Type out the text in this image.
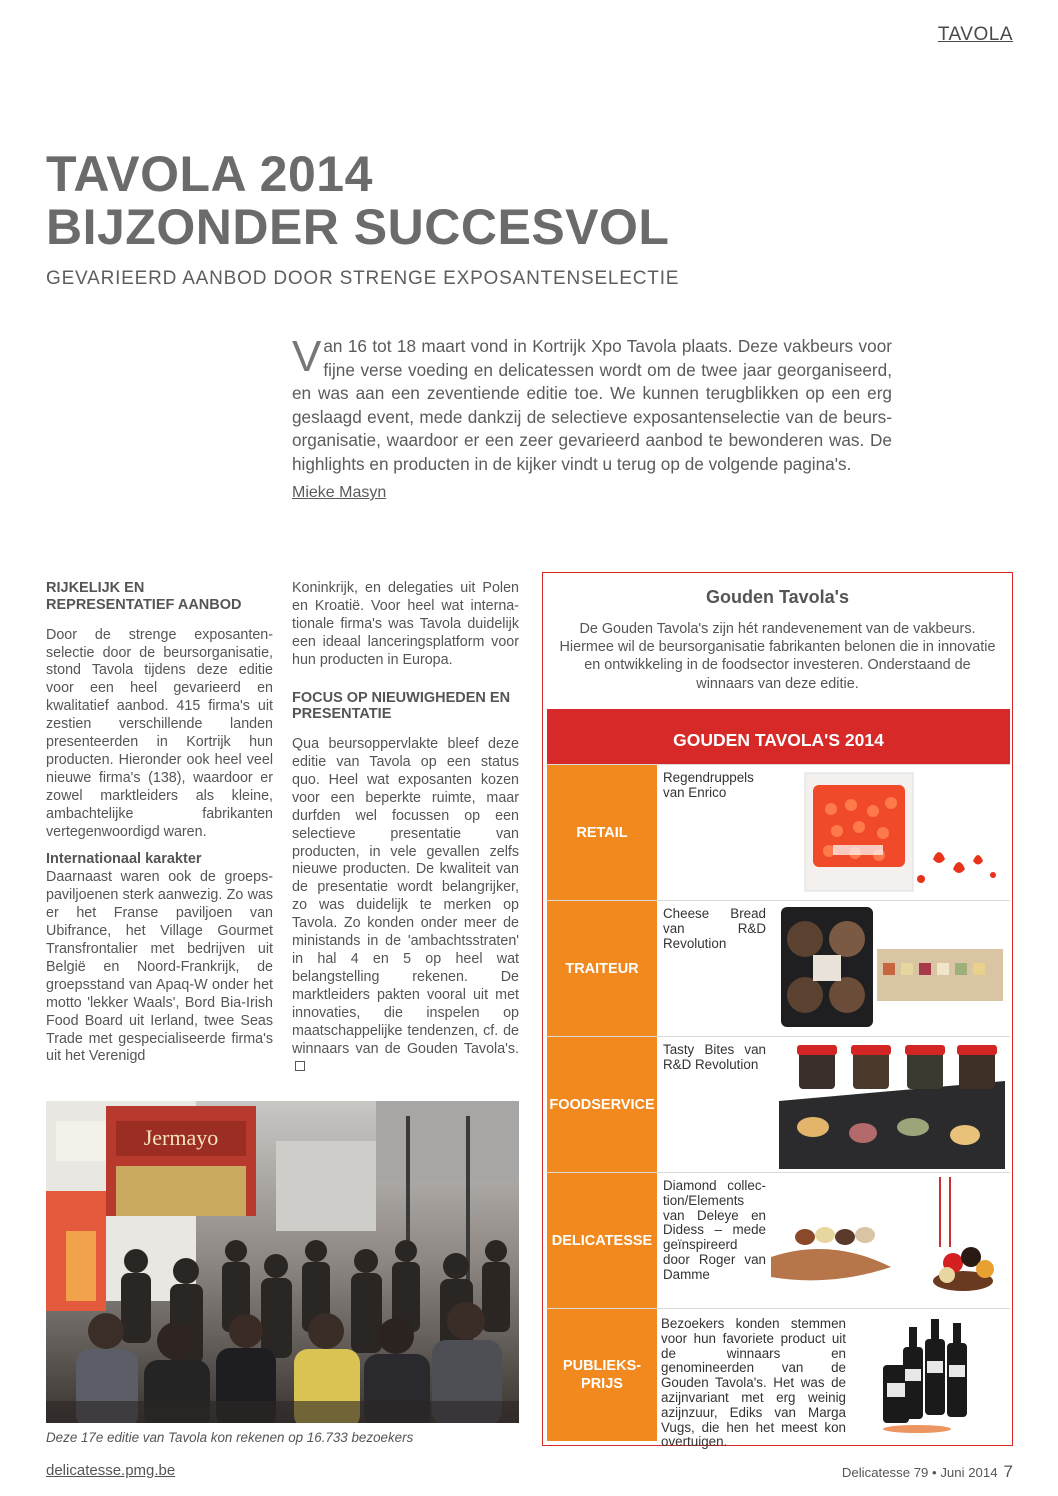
TAVOLA
TAVOLA 2014
BIJZONDER SUCCESVOL
GEVARIEERD AANBOD DOOR STRENGE EXPOSANTENSELECTIE
Van 16 tot 18 maart vond in Kortrijk Xpo Tavola plaats. Deze vakbeurs voor fijne verse voeding en delicatessen wordt om de twee jaar georganiseerd, en was aan een zeventiende editie toe. We kunnen terugblikken op een erg geslaagd event, mede dankzij de selectieve exposantenselectie van de beursorganisatie, waardoor er een zeer gevarieerd aanbod te bewonderen was. De highlights en producten in de kijker vindt u terug op de volgende pagina's.
Mieke Masyn
RIJKELIJK EN REPRESENTATIEF AANBOD

Door de strenge exposantenselectie door de beursorganisatie, stond Tavola tijdens deze editie voor een heel gevarieerd en kwalitatief aanbod. 415 firma's uit zestien verschillende landen presenteerden in Kortrijk hun producten. Hieronder ook heel veel nieuwe firma's (138), waardoor er zowel marktleiders als kleine, ambachtelijke fabrikanten vertegenwoordigd waren.

Internationaal karakter

Daarnaast waren ook de groepspaviljoenen sterk aanwezig. Zo was er het Franse paviljoen van Ubifrance, het Village Gourmet Transfrontalier met bedrijven uit België en Noord-Frankrijk, de groepsstand van Apaq-W onder het motto 'lekker Waals', Bord Bia-Irish Food Board uit Ierland, twee Seas Trade met gespecialiseerde firma's uit het Verenigd

Koninkrijk, en delegaties uit Polen en Kroatië. Voor heel wat internationale firma's was Tavola duidelijk een ideaal lanceringsplatform voor hun producten in Europa.

FOCUS OP NIEUWIGHEDEN EN PRESENTATIE

Qua beursoppervlakte bleef deze editie van Tavola op een status quo. Heel wat exposanten kozen voor een beperkte ruimte, maar durfden wel focussen op een selectieve presentatie van producten, in vele gevallen zelfs nieuwe producten. De kwaliteit van de presentatie wordt belangrijker, zo was duidelijk te merken op Tavola. Zo konden onder meer de ministands in de 'ambachtsstraten' in hal 4 en 5 op heel wat belangstelling rekenen. De marktleiders pakten vooral uit met innovaties, die inspelen op maatschappelijke tendenzen, cf. de winnaars van de Gouden Tavola's.

Jermayo
Deze 17e editie van Tavola kon rekenen op 16.733 bezoekers
Gouden Tavola's
De Gouden Tavola's zijn hét randevenement van de vakbeurs. Hiermee wil de beursorganisatie fabrikanten belonen die in innovatie en ontwikkeling in de foodsector investeren. Onderstaand de winnaars van deze editie.
GOUDEN TAVOLA'S 2014
RETAIL
Regendruppels van Enrico
TRAITEUR
Cheese Bread van R&D Revolution
FOODSERVICE
Tasty Bites van R&D Revolution
DELICATESSE
Diamond collection/Elements van Deleye en Didess – mede geïnspireerd door Roger van Damme
PUBLIEKS-
PRIJS
Bezoekers konden stemmen voor hun favoriete product uit de winnaars en genomineerden van de Gouden Tavola's. Het was de azijnvariant met erg weinig azijnzuur, Ediks van Marga Vugs, die hen het meest kon overtuigen.
delicatesse.pmg.be	Delicatesse 79 • Juni 2014 7
